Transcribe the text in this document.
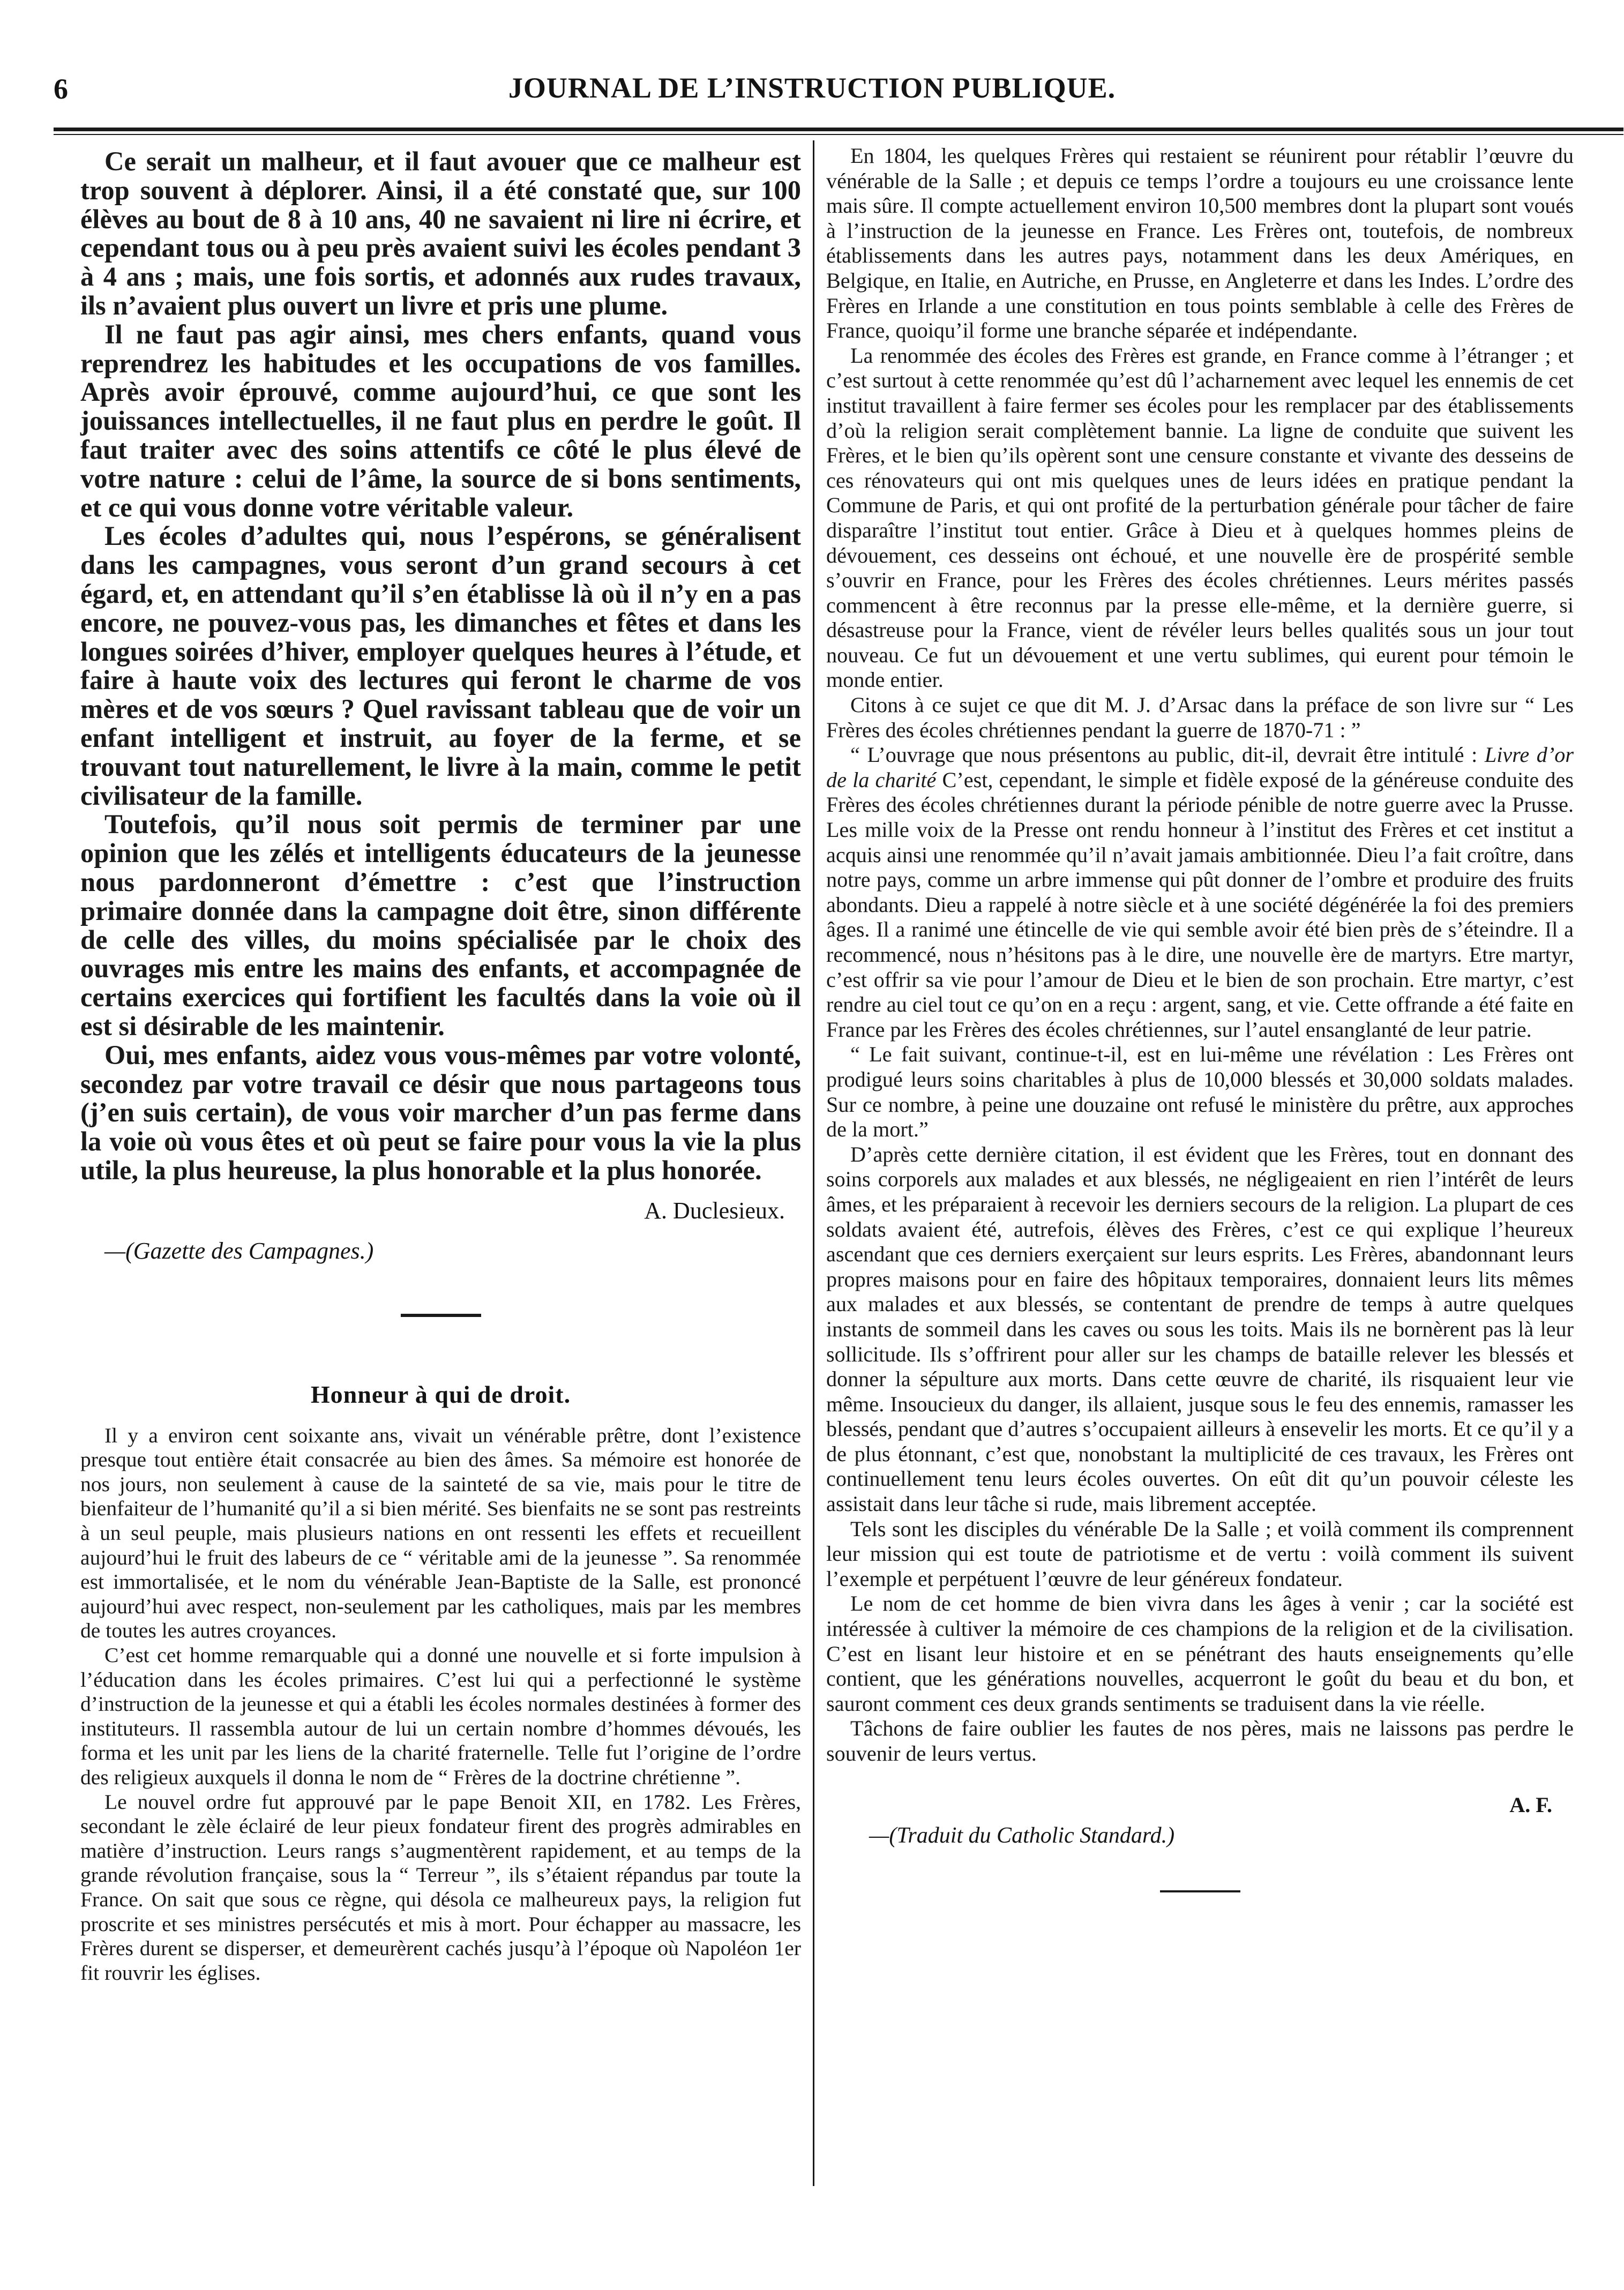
6	JOURNAL DE L’INSTRUCTION PUBLIQUE.

Ce serait un malheur, et il faut avouer que ce malheur est trop souvent à déplorer. Ainsi, il a été constaté que, sur 100 élèves au bout de 8 à 10 ans, 40 ne savaient ni lire ni écrire, et cependant tous ou à peu près avaient suivi les écoles pendant 3 à 4 ans ; mais, une fois sortis, et adonnés aux rudes travaux, ils n’avaient plus ouvert un livre et pris une plume.

Il ne faut pas agir ainsi, mes chers enfants, quand vous reprendrez les habitudes et les occupations de vos familles. Après avoir éprouvé, comme aujourd’hui, ce que sont les jouissances intellectuelles, il ne faut plus en perdre le goût. Il faut traiter avec des soins attentifs ce côté le plus élevé de votre nature : celui de l’âme, la source de si bons sentiments, et ce qui vous donne votre véritable valeur.

Les écoles d’adultes qui, nous l’espérons, se généralisent dans les campagnes, vous seront d’un grand secours à cet égard, et, en attendant qu’il s’en établisse là où il n’y en a pas encore, ne pouvez-vous pas, les dimanches et fêtes et dans les longues soirées d’hiver, employer quelques heures à l’étude, et faire à haute voix des lectures qui feront le charme de vos mères et de vos sœurs ? Quel ravissant tableau que de voir un enfant intelligent et instruit, au foyer de la ferme, et se trouvant tout naturellement, le livre à la main, comme le petit civilisateur de la famille.

Toutefois, qu’il nous soit permis de terminer par une opinion que les zélés et intelligents éducateurs de la jeunesse nous pardonneront d’émettre : c’est que l’instruction primaire donnée dans la campagne doit être, sinon différente de celle des villes, du moins spécialisée par le choix des ouvrages mis entre les mains des enfants, et accompagnée de certains exercices qui fortifient les facultés dans la voie où il est si désirable de les maintenir.

Oui, mes enfants, aidez vous vous-mêmes par votre volonté, secondez par votre travail ce désir que nous partageons tous (j’en suis certain), de vous voir marcher d’un pas ferme dans la voie où vous êtes et où peut se faire pour vous la vie la plus utile, la plus heureuse, la plus honorable et la plus honorée.

A. Duclesieux.
—(Gazette des Campagnes.)
Honneur à qui de droit.

Il y a environ cent soixante ans, vivait un vénérable prêtre, dont l’existence presque tout entière était consacrée au bien des âmes. Sa mémoire est honorée de nos jours, non seulement à cause de la sainteté de sa vie, mais pour le titre de bienfaiteur de l’humanité qu’il a si bien mérité. Ses bienfaits ne se sont pas restreints à un seul peuple, mais plusieurs nations en ont ressenti les effets et recueillent aujourd’hui le fruit des labeurs de ce “ véritable ami de la jeunesse ”. Sa renommée est immortalisée, et le nom du vénérable Jean-Baptiste de la Salle, est prononcé aujourd’hui avec respect, non-seulement par les catholiques, mais par les membres de toutes les autres croyances.

C’est cet homme remarquable qui a donné une nouvelle et si forte impulsion à l’éducation dans les écoles primaires. C’est lui qui a perfectionné le système d’instruction de la jeunesse et qui a établi les écoles normales destinées à former des instituteurs. Il rassembla autour de lui un certain nombre d’hommes dévoués, les forma et les unit par les liens de la charité fraternelle. Telle fut l’origine de l’ordre des religieux auxquels il donna le nom de “ Frères de la doctrine chrétienne ”.

Le nouvel ordre fut approuvé par le pape Benoit XII, en 1782. Les Frères, secondant le zèle éclairé de leur pieux fondateur firent des progrès admirables en matière d’instruction. Leurs rangs s’augmentèrent rapidement, et au temps de la grande révolution française, sous la “ Terreur ”, ils s’étaient répandus par toute la France. On sait que sous ce règne, qui désola ce malheureux pays, la religion fut proscrite et ses ministres persécutés et mis à mort. Pour échapper au massacre, les Frères durent se disperser, et demeurèrent cachés jusqu’à l’époque où Napoléon 1er fit rouvrir les églises.

En 1804, les quelques Frères qui restaient se réunirent pour rétablir l’œuvre du vénérable de la Salle ; et depuis ce temps l’ordre a toujours eu une croissance lente mais sûre. Il compte actuellement environ 10,500 membres dont la plupart sont voués à l’instruction de la jeunesse en France. Les Frères ont, toutefois, de nombreux établissements dans les autres pays, notamment dans les deux Amériques, en Belgique, en Italie, en Autriche, en Prusse, en Angleterre et dans les Indes. L’ordre des Frères en Irlande a une constitution en tous points semblable à celle des Frères de France, quoiqu’il forme une branche séparée et indépendante.

La renommée des écoles des Frères est grande, en France comme à l’étranger ; et c’est surtout à cette renommée qu’est dû l’acharnement avec lequel les ennemis de cet institut travaillent à faire fermer ses écoles pour les remplacer par des établissements d’où la religion serait complètement bannie. La ligne de conduite que suivent les Frères, et le bien qu’ils opèrent sont une censure constante et vivante des desseins de ces rénovateurs qui ont mis quelques unes de leurs idées en pratique pendant la Commune de Paris, et qui ont profité de la perturbation générale pour tâcher de faire disparaître l’institut tout entier. Grâce à Dieu et à quelques hommes pleins de dévouement, ces desseins ont échoué, et une nouvelle ère de prospérité semble s’ouvrir en France, pour les Frères des écoles chrétiennes. Leurs mérites passés commencent à être reconnus par la presse elle-même, et la dernière guerre, si désastreuse pour la France, vient de révéler leurs belles qualités sous un jour tout nouveau. Ce fut un dévouement et une vertu sublimes, qui eurent pour témoin le monde entier.

Citons à ce sujet ce que dit M. J. d’Arsac dans la préface de son livre sur “ Les Frères des écoles chrétiennes pendant la guerre de 1870-71 : ”

“ L’ouvrage que nous présentons au public, dit-il, devrait être intitulé : Livre d’or de la charité C’est, cependant, le simple et fidèle exposé de la généreuse conduite des Frères des écoles chrétiennes durant la période pénible de notre guerre avec la Prusse. Les mille voix de la Presse ont rendu honneur à l’institut des Frères et cet institut a acquis ainsi une renommée qu’il n’avait jamais ambitionnée. Dieu l’a fait croître, dans notre pays, comme un arbre immense qui pût donner de l’ombre et produire des fruits abondants. Dieu a rappelé à notre siècle et à une société dégénérée la foi des premiers âges. Il a ranimé une étincelle de vie qui semble avoir été bien près de s’éteindre. Il a recommencé, nous n’hésitons pas à le dire, une nouvelle ère de martyrs. Etre martyr, c’est offrir sa vie pour l’amour de Dieu et le bien de son prochain. Etre martyr, c’est rendre au ciel tout ce qu’on en a reçu : argent, sang, et vie. Cette offrande a été faite en France par les Frères des écoles chrétiennes, sur l’autel ensanglanté de leur patrie.

“ Le fait suivant, continue-t-il, est en lui-même une révélation : Les Frères ont prodigué leurs soins charitables à plus de 10,000 blessés et 30,000 soldats malades. Sur ce nombre, à peine une douzaine ont refusé le ministère du prêtre, aux approches de la mort.”

D’après cette dernière citation, il est évident que les Frères, tout en donnant des soins corporels aux malades et aux blessés, ne négligeaient en rien l’intérêt de leurs âmes, et les préparaient à recevoir les derniers secours de la religion. La plupart de ces soldats avaient été, autrefois, élèves des Frères, c’est ce qui explique l’heureux ascendant que ces derniers exerçaient sur leurs esprits. Les Frères, abandonnant leurs propres maisons pour en faire des hôpitaux temporaires, donnaient leurs lits mêmes aux malades et aux blessés, se contentant de prendre de temps à autre quelques instants de sommeil dans les caves ou sous les toits. Mais ils ne bornèrent pas là leur sollicitude. Ils s’offrirent pour aller sur les champs de bataille relever les blessés et donner la sépulture aux morts. Dans cette œuvre de charité, ils risquaient leur vie même. Insoucieux du danger, ils allaient, jusque sous le feu des ennemis, ramasser les blessés, pendant que d’autres s’occupaient ailleurs à ensevelir les morts. Et ce qu’il y a de plus étonnant, c’est que, nonobstant la multiplicité de ces travaux, les Frères ont continuellement tenu leurs écoles ouvertes. On eût dit qu’un pouvoir céleste les assistait dans leur tâche si rude, mais librement acceptée.

Tels sont les disciples du vénérable De la Salle ; et voilà comment ils comprennent leur mission qui est toute de patriotisme et de vertu : voilà comment ils suivent l’exemple et perpétuent l’œuvre de leur généreux fondateur.

Le nom de cet homme de bien vivra dans les âges à venir ; car la société est intéressée à cultiver la mémoire de ces champions de la religion et de la civilisation. C’est en lisant leur histoire et en se pénétrant des hauts enseignements qu’elle contient, que les générations nouvelles, acquerront le goût du beau et du bon, et sauront comment ces deux grands sentiments se traduisent dans la vie réelle.

Tâchons de faire oublier les fautes de nos pères, mais ne laissons pas perdre le souvenir de leurs vertus.

A. F.
—(Traduit du Catholic Standard.)
